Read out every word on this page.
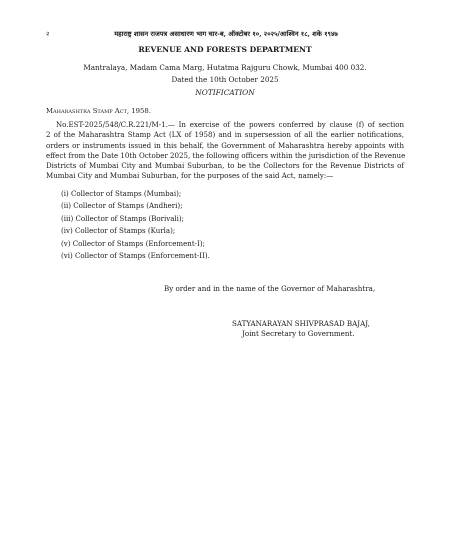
२	महाराष्ट्र शासन राजपत्र असाधारण भाग चार-ब, ऑक्टोबर १०, २०२५/आश्विन १८, शके १९४७
REVENUE AND FORESTS DEPARTMENT
Mantralaya, Madam Cama Marg, Hutatma Rajguru Chowk, Mumbai 400 032.
Dated the 10th October 2025
NOTIFICATION
Maharashtra Stamp Act, 1958.
No.EST-2025/548/C.R.221/M-1.— In exercise of the powers conferred by clause (f) of section
2 of the Maharashtra Stamp Act (LX of 1958) and in supersession of all the earlier notifications,
orders or instruments issued in this behalf, the Government of Maharashtra hereby appoints with
effect from the Date 10th October 2025, the following officers within the jurisdiction of the Revenue
Districts of Mumbai City and Mumbai Suburban, to be the Collectors for the Revenue Districts of
Mumbai City and Mumbai Suburban, for the purposes of the said Act, namely:—
(i) Collector of Stamps (Mumbai);
(ii) Collector of Stamps (Andheri);
(iii) Collector of Stamps (Borivali);
(iv) Collector of Stamps (Kurla);
(v) Collector of Stamps (Enforcement-I);
(vi) Collector of Stamps (Enforcement-II).
By order and in the name of the Governor of Maharashtra,
SATYANARAYAN SHIVPRASAD BAJAJ,
Joint Secretary to Government.
